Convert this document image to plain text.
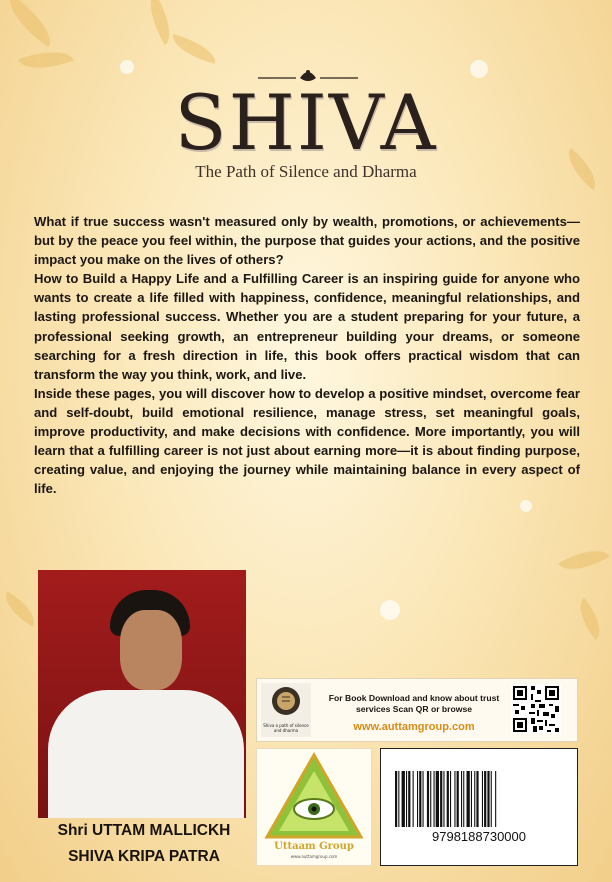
SHIVA
The Path of Silence and Dharma

What if true success wasn't measured only by wealth, promotions, or achievements—but by the peace you feel within, the purpose that guides your actions, and the positive impact you make on the lives of others?

How to Build a Happy Life and a Fulfilling Career is an inspiring guide for anyone who wants to create a life filled with happiness, confidence, meaningful relationships, and lasting professional success. Whether you are a student preparing for your future, a professional seeking growth, an entrepreneur building your dreams, or someone searching for a fresh direction in life, this book offers practical wisdom that can transform the way you think, work, and live.

Inside these pages, you will discover how to develop a positive mindset, overcome fear and self-doubt, build emotional resilience, manage stress, set meaningful goals, improve productivity, and make decisions with confidence. More importantly, you will learn that a fulfilling career is not just about earning more—it is about finding purpose, creating value, and enjoying the journey while maintaining balance in every aspect of life.

Shri UTTAM MALLICKH
SHIVA KRIPA PATRA
Shiva a path of silence and dharma
For Book Download and know about trust services Scan QR or browse
www.auttamgroup.com
Uttaam Group
www.auttamgroup.com
9798188730000
